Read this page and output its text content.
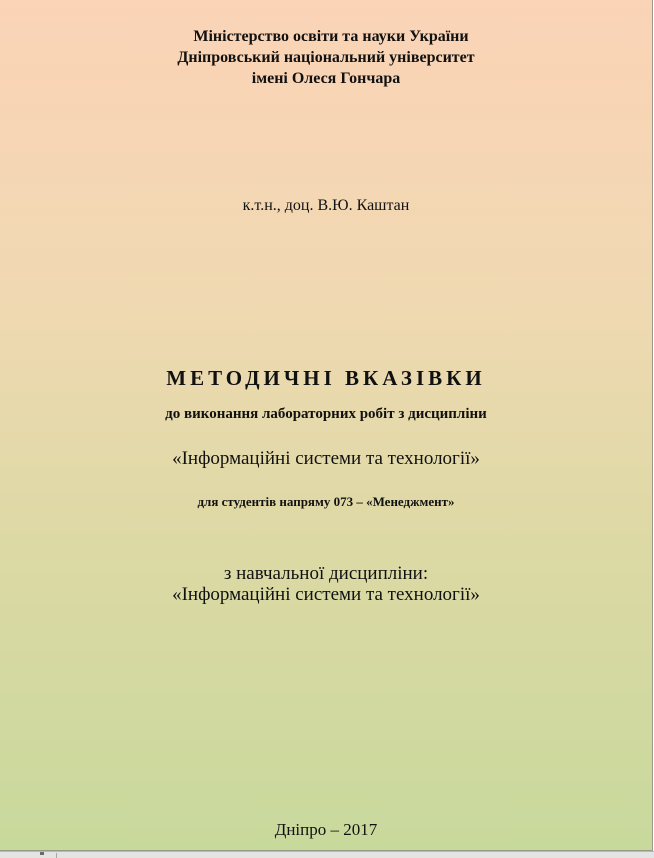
Міністерство освіти та науки України
Дніпровський національний університет
імені Олеся Гончара
к.т.н., доц. В.Ю. Каштан
МЕТОДИЧНІ ВКАЗІВКИ
до виконання лабораторних робіт з дисципліни
«Інформаційні системи та технології»
для студентів напряму 073 – «Менеджмент»
з навчальної дисципліни:
«Інформаційні системи та технології»
Дніпро – 2017
